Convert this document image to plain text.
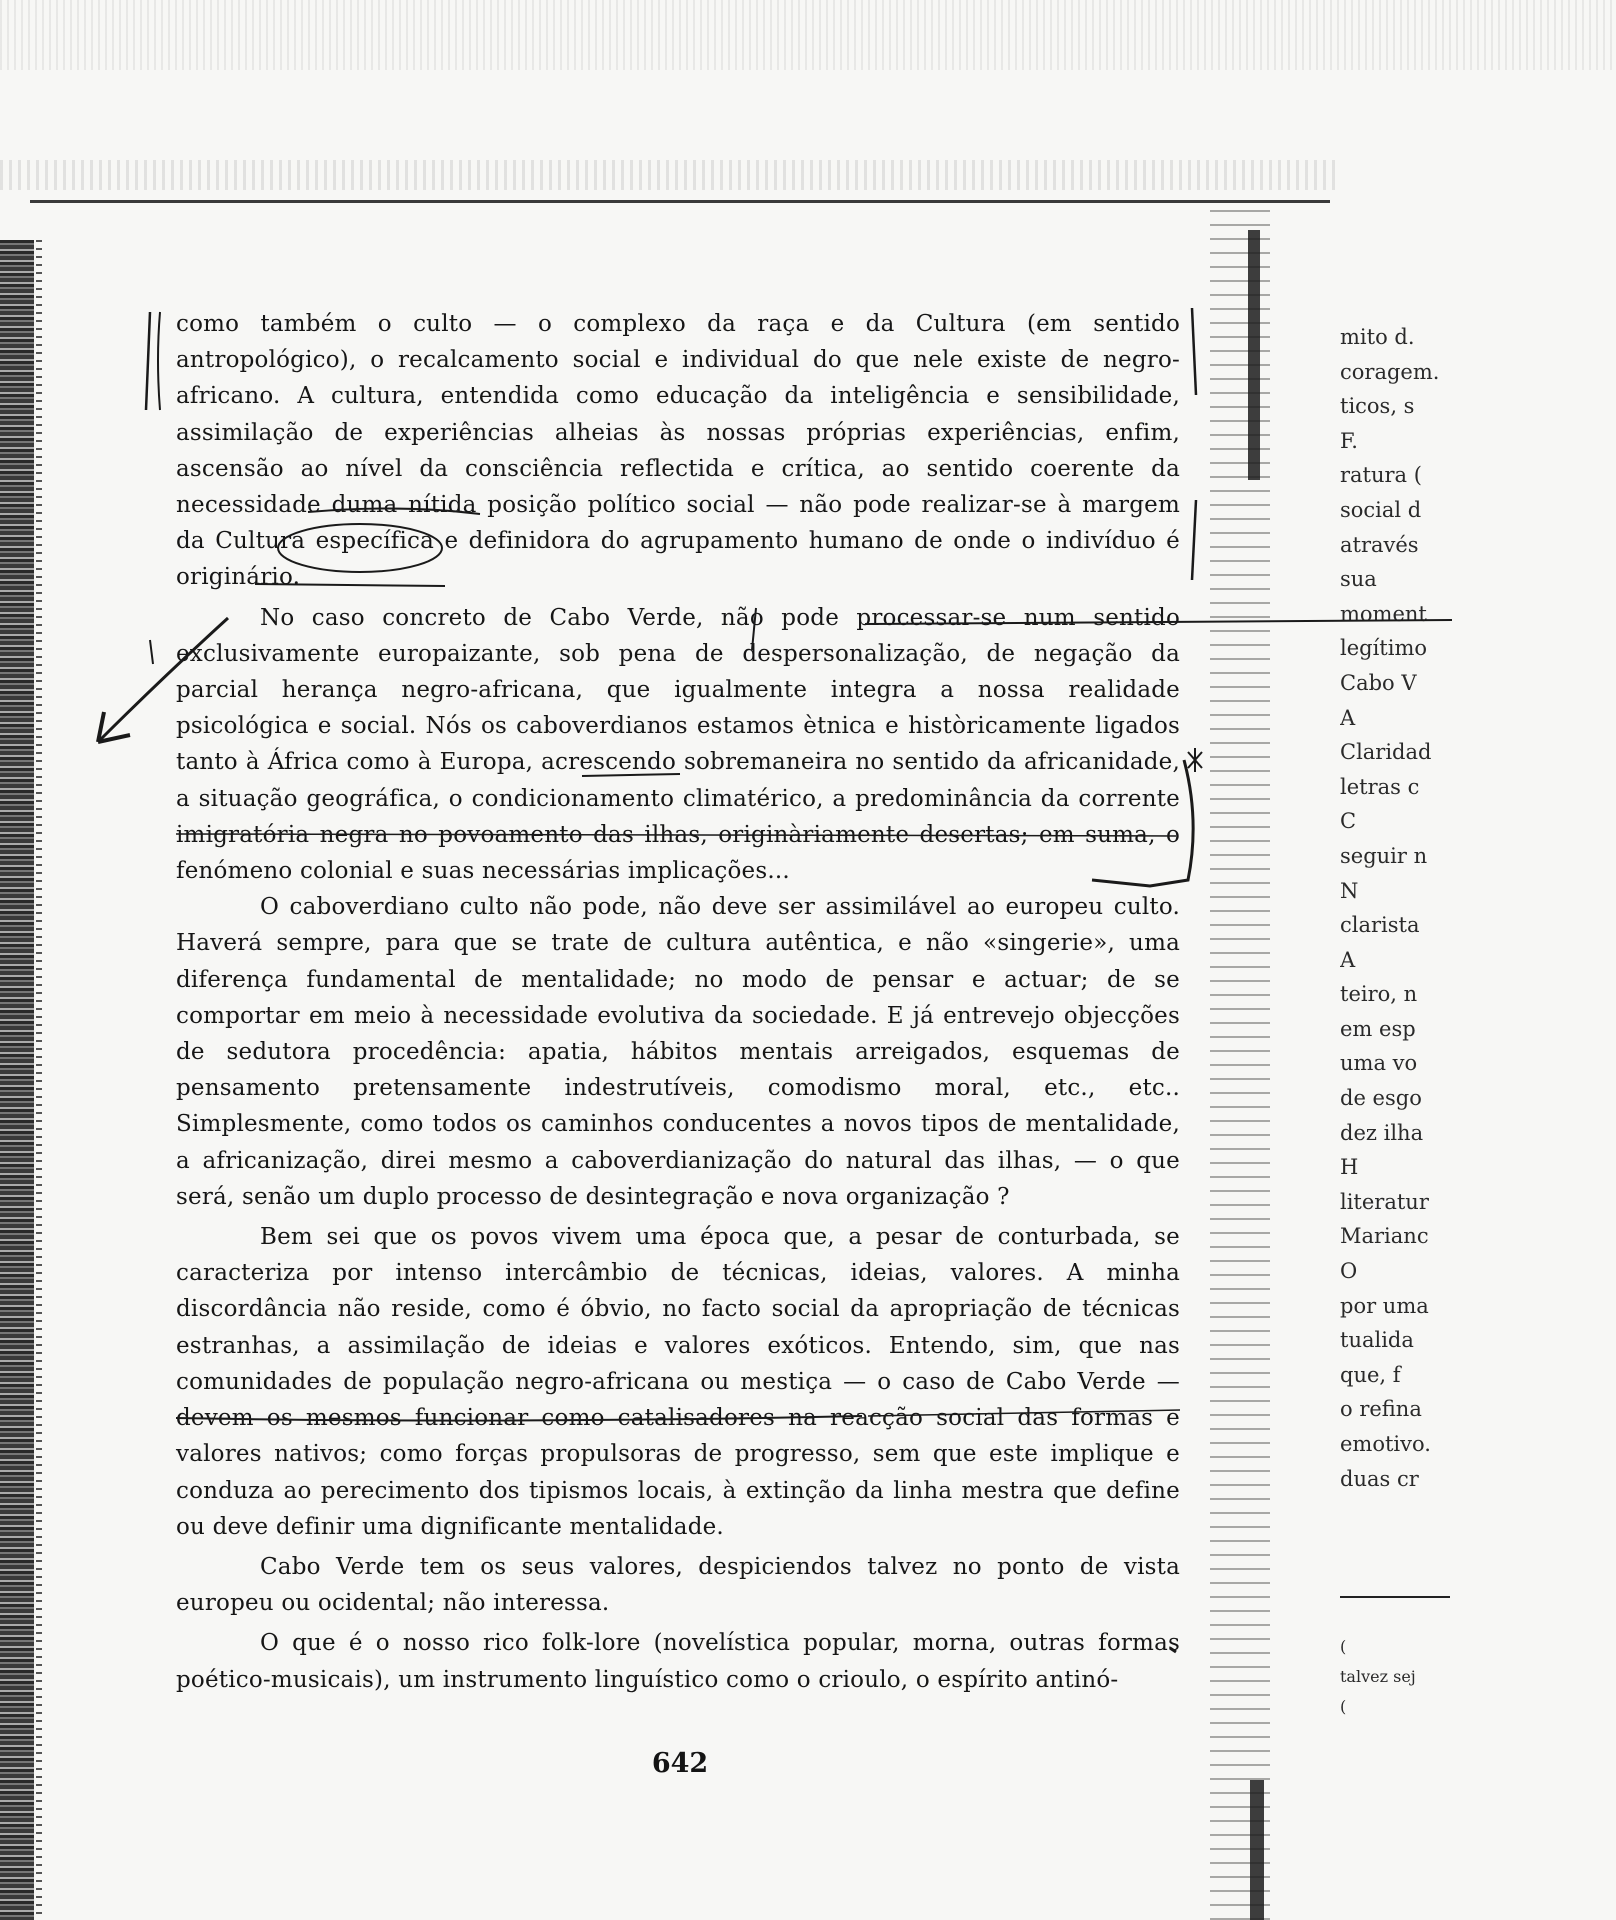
como também o culto — o complexo da raça e da Cultura (em sentido antropológico), o recalcamento social e individual do que nele existe de negro-africano. A cultura, entendida como educação da inteligência e sensibilidade, assimilação de experiências alheias às nossas próprias experiências, enfim, ascensão ao nível da consciência reflectida e crítica, ao sentido coerente da necessidade duma nítida posição político social — não pode realizar-se à margem da Cultura específica e definidora do agrupamento humano de onde o indivíduo é originário.

No caso concreto de Cabo Verde, não pode processar-se num sentido exclusivamente europaizante, sob pena de despersonalização, de negação da parcial herança negro-africana, que igualmente integra a nossa realidade psicológica e social. Nós os caboverdianos estamos ètnica e històricamente ligados tanto à África como à Europa, acrescendo sobremaneira no sentido da africanidade, a situação geográfica, o condicionamento climatérico, a predominância da corrente imigratória negra no povoamento das ilhas, originàriamente desertas; em suma, o fenómeno colonial e suas necessárias implicações...

O caboverdiano culto não pode, não deve ser assimilável ao europeu culto. Haverá sempre, para que se trate de cultura autêntica, e não «singerie», uma diferença fundamental de mentalidade; no modo de pensar e actuar; de se comportar em meio à necessidade evolutiva da sociedade. E já entrevejo objecções de sedutora procedência: apatia, hábitos mentais arreigados, esquemas de pensamento pretensamente indestrutíveis, comodismo moral, etc., etc.. Simplesmente, como todos os caminhos conducentes a novos tipos de mentalidade, a africanização, direi mesmo a caboverdianização do natural das ilhas, — o que será, senão um duplo processo de desintegração e nova organização ?

Bem sei que os povos vivem uma época que, a pesar de conturbada, se caracteriza por intenso intercâmbio de técnicas, ideias, valores. A minha discordância não reside, como é óbvio, no facto social da apropriação de técnicas estranhas, a assimilação de ideias e valores exóticos. Entendo, sim, que nas comunidades de população negro-africana ou mestiça — o caso de Cabo Verde — devem os mesmos funcionar como catalisadores na reacção social das formas e valores nativos; como forças propulsoras de progresso, sem que este implique e conduza ao perecimento dos tipismos locais, à extinção da linha mestra que define ou deve definir uma dignificante mentalidade.

Cabo Verde tem os seus valores, despiciendos talvez no ponto de vista europeu ou ocidental; não interessa.

O que é o nosso rico folk-lore (novelística popular, morna, outras formas poético-musicais), um instrumento linguístico como o crioulo, o espírito antinó-

642
mito d.
coragem.
ticos, s
F.
ratura (
social d
através
sua
moment
legítimo
Cabo V
A
Claridad
letras c
C
seguir n
N
clarista
A
teiro, n
em esp
uma vo
de esgo
dez ilha
H
literatur
Marianc
O
por uma
tualida
que, f
o refina
emotivo.
duas cr
(
talvez sej
(
